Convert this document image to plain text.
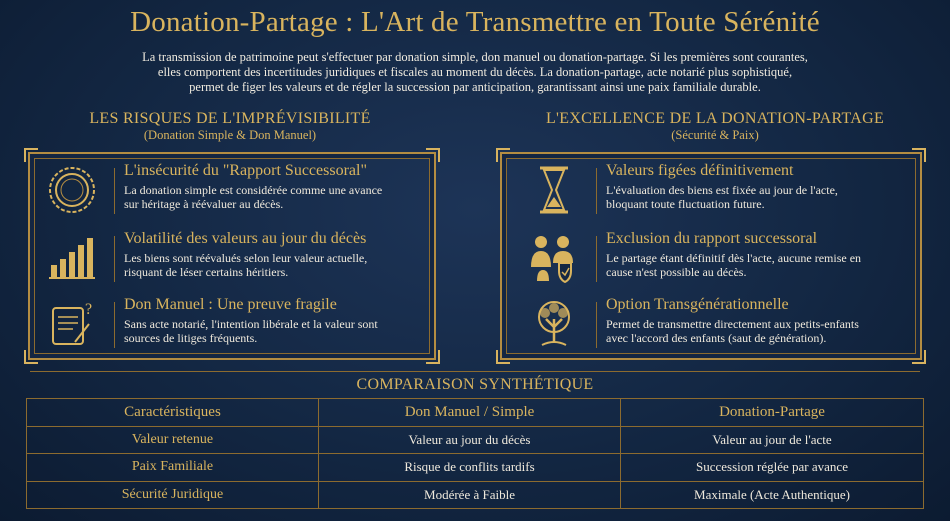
Donation-Partage : L'Art de Transmettre en Toute Sérénité
La transmission de patrimoine peut s'effectuer par donation simple, don manuel ou donation-partage. Si les premières sont courantes,
elles comportent des incertitudes juridiques et fiscales au moment du décès. La donation-partage, acte notarié plus sophistiqué,
permet de figer les valeurs et de régler la succession par anticipation, garantissant ainsi une paix familiale durable.
LES RISQUES DE L'IMPRÉVISIBILITÉ
(Donation Simple & Don Manuel)
L'insécurité du "Rapport Successoral"
La donation simple est considérée comme une avance
sur héritage à réévaluer au décès.
Volatilité des valeurs au jour du décès
Les biens sont réévalués selon leur valeur actuelle,
risquant de léser certains héritiers.
? Don Manuel : Une preuve fragile
Sans acte notarié, l'intention libérale et la valeur sont
sources de litiges fréquents.
L'EXCELLENCE DE LA DONATION-PARTAGE
(Sécurité & Paix)
Valeurs figées définitivement
L'évaluation des biens est fixée au jour de l'acte,
bloquant toute fluctuation future.
Exclusion du rapport successoral
Le partage étant définitif dès l'acte, aucune remise en
cause n'est possible au décès.
Option Transgénérationnelle
Permet de transmettre directement aux petits-enfants
avec l'accord des enfants (saut de génération).
COMPARAISON SYNTHÉTIQUE
Caractéristiques	Don Manuel / Simple	Donation-Partage
Valeur retenue	Valeur au jour du décès	Valeur au jour de l'acte
Paix Familiale	Risque de conflits tardifs	Succession réglée par avance
Sécurité Juridique	Modérée à Faible	Maximale (Acte Authentique)
